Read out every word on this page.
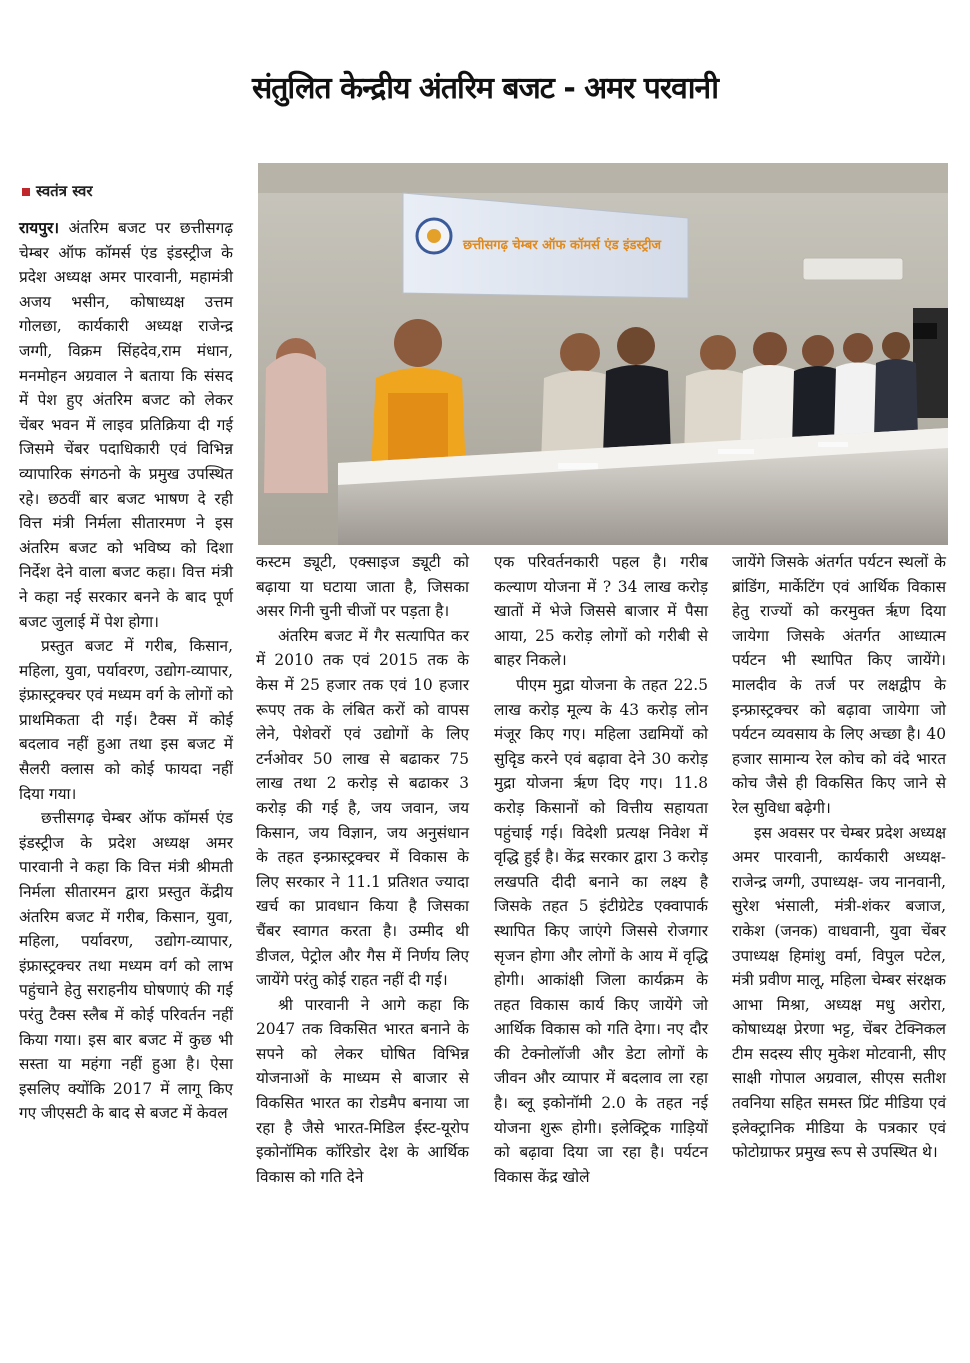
संतुलित केन्द्रीय अंतरिम बजट - अमर परवानी
स्वतंत्र स्वर
छत्तीसगढ़ चेम्बर ऑफ कॉमर्स एंड इंडस्ट्रीज

रायपुर। अंतरिम बजट पर छत्तीसगढ़ चेम्बर ऑफ कॉमर्स एंड इंडस्ट्रीज के प्रदेश अध्यक्ष अमर पारवानी, महामंत्री अजय भसीन, कोषाध्यक्ष उत्तम गोलछा, कार्यकारी अध्यक्ष राजेन्द्र जग्गी, विक्रम सिंहदेव,राम मंधान, मनमोहन अग्रवाल ने बताया कि संसद में पेश हुए अंतरिम बजट को लेकर चेंबर भवन में लाइव प्रतिक्रिया दी गई जिसमे चेंबर पदाधिकारी एवं विभिन्न व्यापारिक संगठनो के प्रमुख उपस्थित रहे। छठवीं बार बजट भाषण दे रही वित्त मंत्री निर्मला सीतारमण ने इस अंतरिम बजट को भविष्य को दिशा निर्देश देने वाला बजट कहा। वित्त मंत्री ने कहा नई सरकार बनने के बाद पूर्ण बजट जुलाई में पेश होगा।

प्रस्तुत बजट में गरीब, किसान, महिला, युवा, पर्यावरण, उद्योग-व्यापार, इंफ्रास्ट्रक्चर एवं मध्यम वर्ग के लोगों को प्राथमिकता दी गई। टैक्स में कोई बदलाव नहीं हुआ तथा इस बजट में सैलरी क्लास को कोई फायदा नहीं दिया गया।

छत्तीसगढ़ चेम्बर ऑफ कॉमर्स एंड इंडस्ट्रीज के प्रदेश अध्यक्ष अमर पारवानी ने कहा कि वित्त मंत्री श्रीमती निर्मला सीतारमन द्वारा प्रस्तुत केंद्रीय अंतरिम बजट में गरीब, किसान, युवा, महिला, पर्यावरण, उद्योग-व्यापार, इंफ्रास्ट्रक्चर तथा मध्यम वर्ग को लाभ पहुंचाने हेतु सराहनीय घोषणाएं की गई परंतु टैक्स स्लैब में कोई परिवर्तन नहीं किया गया। इस बार बजट में कुछ भी सस्ता या महंगा नहीं हुआ है। ऐसा इसलिए क्योंकि 2017 में लागू किए गए जीएसटी के बाद से बजट में केवल

कस्टम ड्यूटी, एक्साइज ड्यूटी को बढ़ाया या घटाया जाता है, जिसका असर गिनी चुनी चीजों पर पड़ता है।

अंतरिम बजट में गैर सत्यापित कर में 2010 तक एवं 2015 तक के केस में 25 हजार तक एवं 10 हजार रूपए तक के लंबित करों को वापस लेने, पेशेवरों एवं उद्योगों के लिए टर्नओवर 50 लाख से बढाकर 75 लाख तथा 2 करोड़ से बढाकर 3 करोड़ की गई है, जय जवान, जय किसान, जय विज्ञान, जय अनुसंधान के तहत इन्फ्रास्ट्रक्चर में विकास के लिए सरकार ने 11.1 प्रतिशत ज्यादा खर्च का प्रावधान किया है जिसका चैंबर स्वागत करता है। उम्मीद थी डीजल, पेट्रोल और गैस में निर्णय लिए जायेंगे परंतु कोई राहत नहीं दी गई।

श्री पारवानी ने आगे कहा कि 2047 तक विकसित भारत बनाने के सपने को लेकर घोषित विभिन्न योजनाओं के माध्यम से बाजार से विकसित भारत का रोडमैप बनाया जा रहा है जैसे भारत-मिडिल ईस्ट-यूरोप इकोनॉमिक कॉरिडोर देश के आर्थिक विकास को गति देने

एक परिवर्तनकारी पहल है। गरीब कल्याण योजना में ? 34 लाख करोड़ खातों में भेजे जिससे बाजार में पैसा आया, 25 करोड़ लोगों को गरीबी से बाहर निकले।

पीएम मुद्रा योजना के तहत 22.5 लाख करोड़ मूल्य के 43 करोड़ लोन मंजूर किए गए। महिला उद्यमियों को सुदृिड करने एवं बढ़ावा देने 30 करोड़ मुद्रा योजना ऋृण दिए गए। 11.8 करोड़ किसानों को वित्तीय सहायता पहुंचाई गई। विदेशी प्रत्यक्ष निवेश में वृद्धि हुई है। केंद्र सरकार द्वारा 3 करोड़ लखपति दीदी बनाने का लक्ष्य है जिसके तहत 5 इंटीग्रेटेड एक्वापार्क स्थापित किए जाएंगे जिससे रोजगार सृजन होगा और लोगों के आय में वृद्धि होगी। आकांक्षी जिला कार्यक्रम के तहत विकास कार्य किए जायेंगे जो आर्थिक विकास को गति देगा। नए दौर की टेक्नोलॉजी और डेटा लोगों के जीवन और व्यापार में बदलाव ला रहा है। ब्लू इकोनॉमी 2.0 के तहत नई योजना शुरू होगी। इलेक्ट्रिक गाड़ियों को बढ़ावा दिया जा रहा है। पर्यटन विकास केंद्र खोले

जायेंगे जिसके अंतर्गत पर्यटन स्थलों के ब्रांडिंग, मार्केटिंग एवं आर्थिक विकास हेतु राज्यों को करमुक्त ऋृण दिया जायेगा जिसके अंतर्गत आध्यात्म पर्यटन भी स्थापित किए जायेंगे। मालदीव के तर्ज पर लक्षद्वीप के इन्फ्रास्ट्रक्चर को बढ़ावा जायेगा जो पर्यटन व्यवसाय के लिए अच्छा है। 40 हजार सामान्य रेल कोच को वंदे भारत कोच जैसे ही विकसित किए जाने से रेल सुविधा बढ़ेगी।

इस अवसर पर चेम्बर प्रदेश अध्यक्ष अमर पारवानी, कार्यकारी अध्यक्ष-राजेन्द्र जग्गी, उपाध्यक्ष- जय नानवानी, सुरेश भंसाली, मंत्री-शंकर बजाज, राकेश (जनक) वाधवानी, युवा चेंबर उपाध्यक्ष हिमांशु वर्मा, विपुल पटेल, मंत्री प्रवीण मालू, महिला चेम्बर संरक्षक आभा मिश्रा, अध्यक्ष मधु अरोरा, कोषाध्यक्ष प्रेरणा भट्ट, चेंबर टेक्निकल टीम सदस्य सीए मुकेश मोटवानी, सीए साक्षी गोपाल अग्रवाल, सीएस सतीश तवनिया सहित समस्त प्रिंट मीडिया एवं इलेक्ट्रानिक मीडिया के पत्रकार एवं फोटोग्राफर प्रमुख रूप से उपस्थित थे।
